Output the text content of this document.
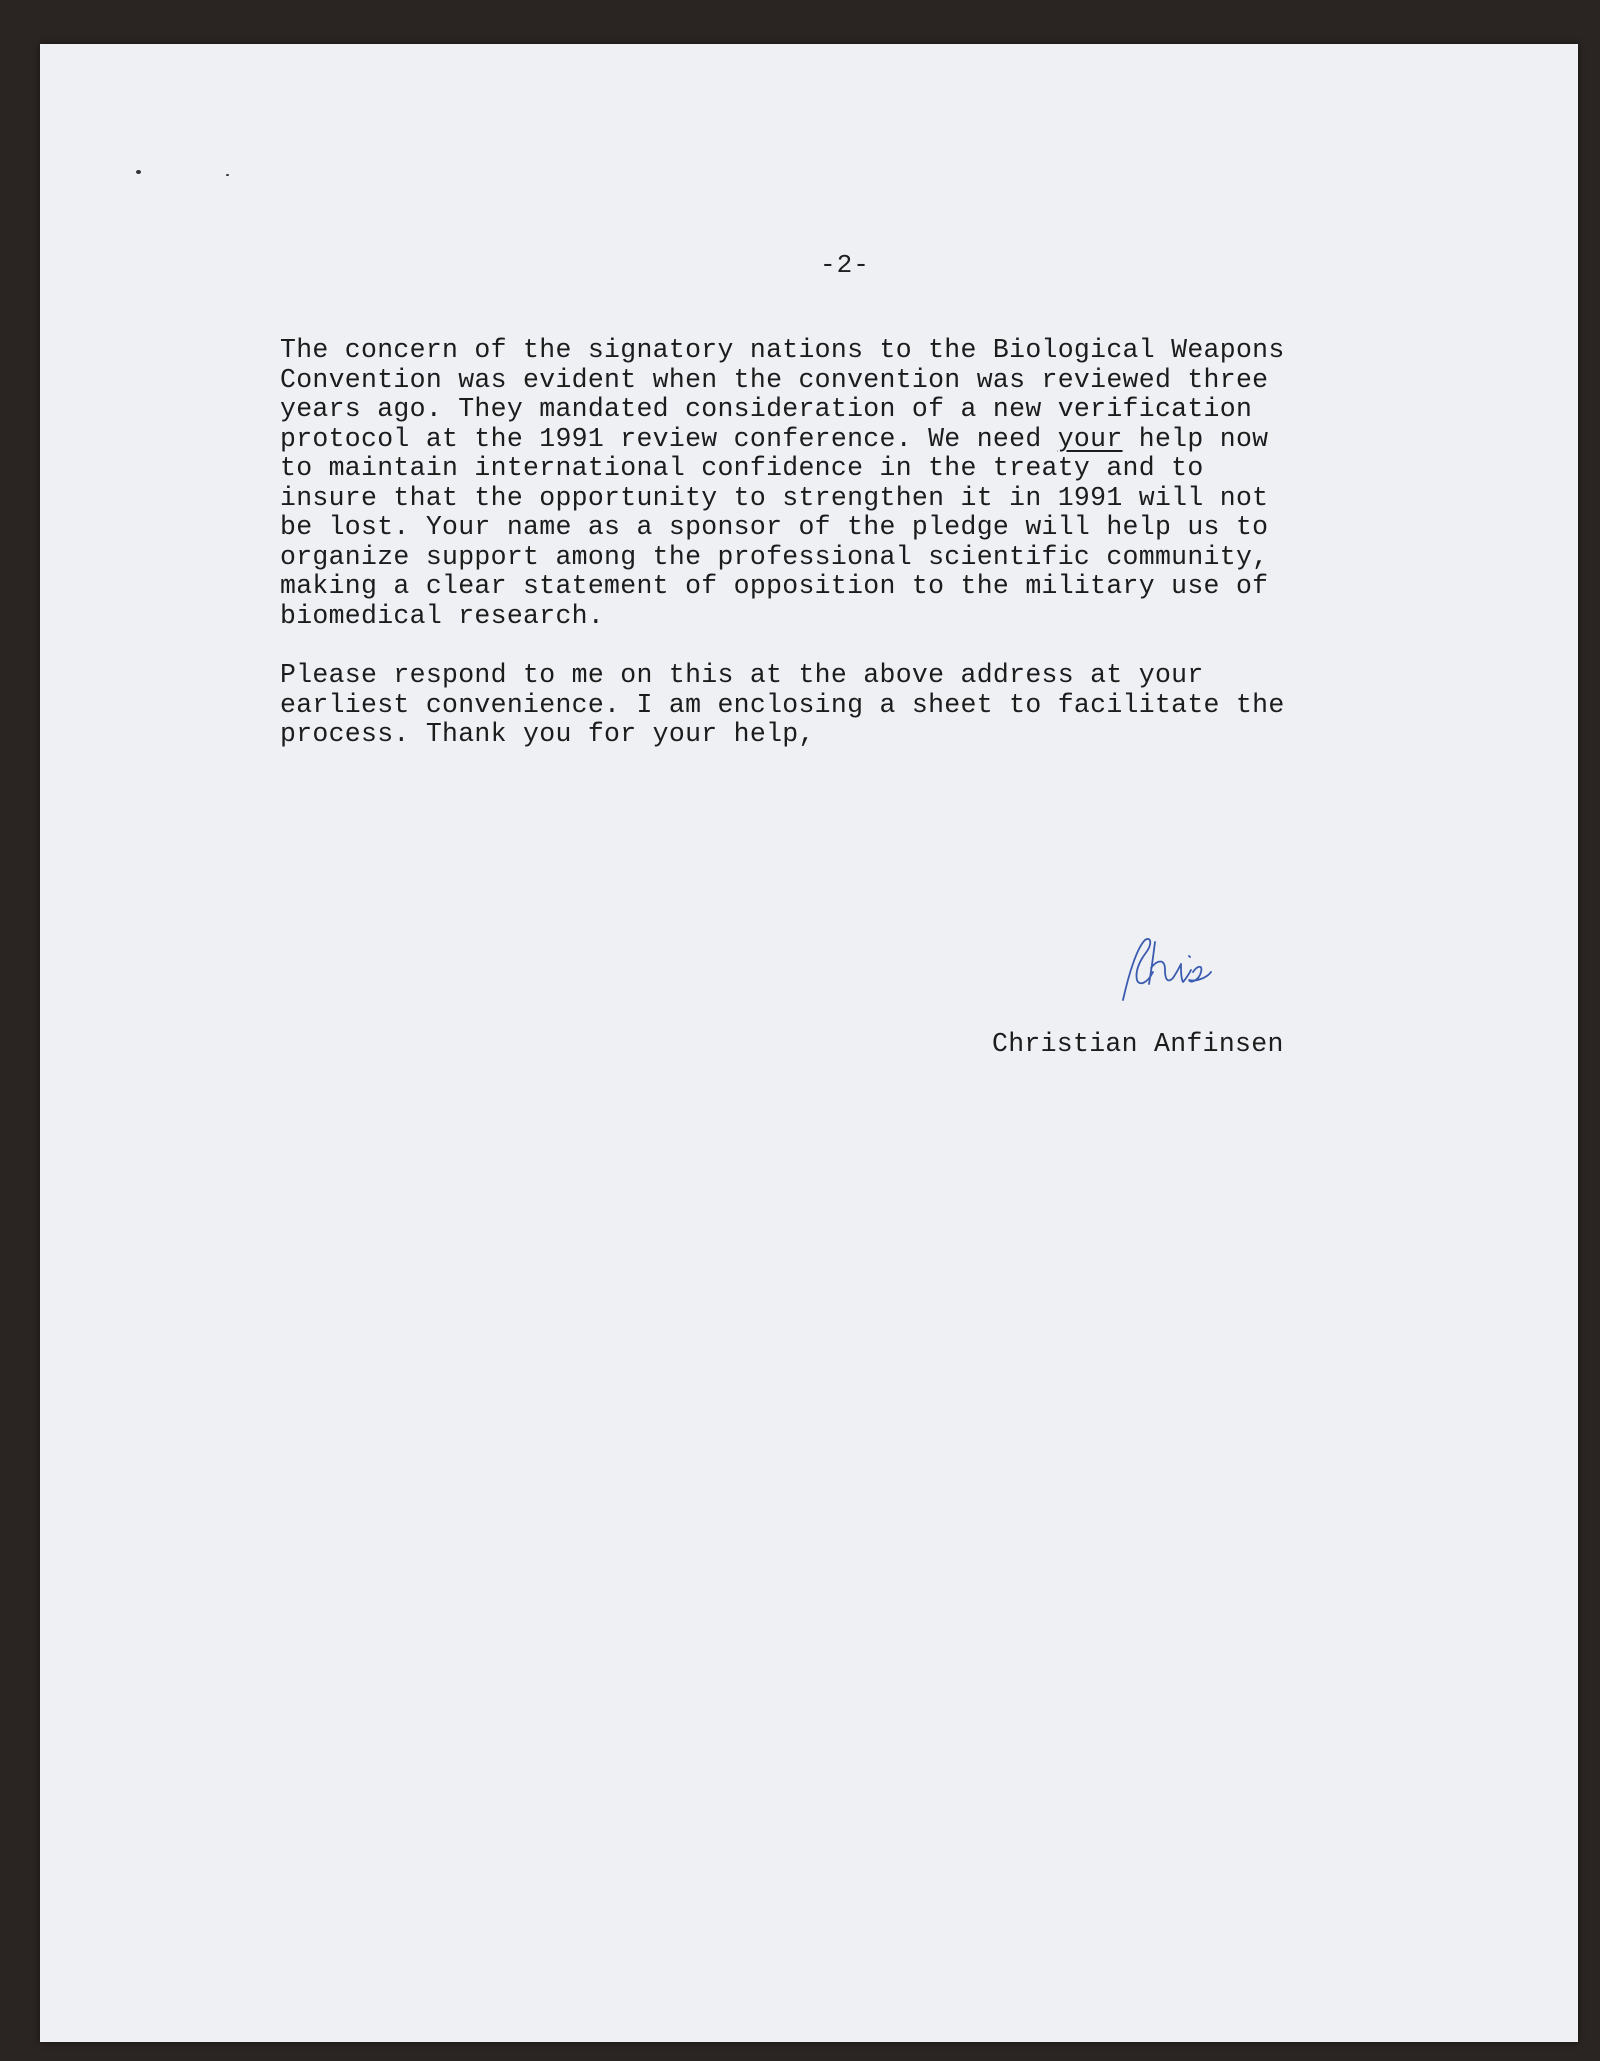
-2-
The concern of the signatory nations to the Biological Weapons
Convention was evident when the convention was reviewed three
years ago. They mandated consideration of a new verification
protocol at the 1991 review conference. We need your help now
to maintain international confidence in the treaty and to
insure that the opportunity to strengthen it in 1991 will not
be lost. Your name as a sponsor of the pledge will help us to
organize support among the professional scientific community,
making a clear statement of opposition to the military use of
biomedical research.
Please respond to me on this at the above address at your
earliest convenience. I am enclosing a sheet to facilitate the
process. Thank you for your help,
Christian Anfinsen
